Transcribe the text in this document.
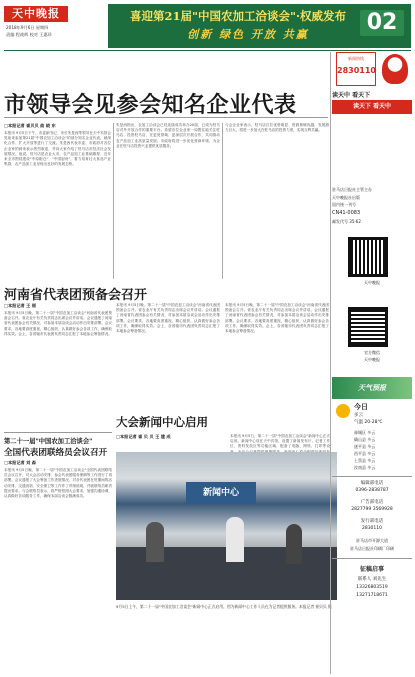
天中晚报
2018年9月6日 星期四
责编 程战辉 校对 王惠珍
喜迎第21届"中国农加工洽谈会"·权威发布
创新 绿色 开放 共赢	02
市领导会见参会知名企业代表
□本报记者 崔贝贝 曲 晓 东
本报讯 9月5日下午，市委副书记、市长朱是西等领导在天中宾馆会见前来参加第21届"中国农加工洽谈会"的部分知名企业代表，就深化合作、扩大开放等进行了交流。朱是西代表市委、市政府对各位企业家的到来表示热烈欢迎，并向大家介绍了驻马店市经济社会发展情况。他说，驻马店是农业大市，农产品加工业基础雄厚，近年来全市围绕建设"中原粮仓"、"中国厨房"，着力培育壮大食品产业集群，农产品加工业呈现出良好的发展态势。
朱是西指出，农加工洽谈会已经连续成功举办20届，已成为驻马店对外开放合作的重要平台。希望各位企业家一如既往地关注驻马店、投资驻马店，在更宽领域、更深层次开展合作，共同推动农产品加工业高质量发展。市政府将进一步优化营商环境，为企业在驻马店投资兴业提供优质服务。
与会企业家表示，驻马店区位优势明显、资源禀赋优越，发展潜力巨大，将进一步加大在驻马店的投资力度，实现互利共赢。
河南省代表团预备会召开
□本报记者 王 丽
本报讯 9月5日晚，第二十一届"中国农加工洽谈会"河南省代表团预备会召开。省农业厅有关负责同志出席会议并讲话。会议通报了河南省代表团参会有关情况，对参加本届洽谈会活动作出安排部署。会议要求，各地要高度重视，精心组织，认真做好参会各项工作，确保取得实效。会上，各省辖市代表团负责同志汇报了本地参会筹备情况。
第二十一届"中国农加工洽谈会"
全国代表团联络员会议召开
□本报记者 刘 森
本报讯 9月5日晚，第二十一届"中国农加工洽谈会"全国代表团联络员会议召开，对大会活动安排、参会代表团服务保障等工作进行了再部署。会议通报了大会筹备工作进展情况，对各代表团在驻期间的活动安排、交通食宿、安全保卫等工作作了详细说明，并就联络员职责提出要求。与会联络员表示，将严格按照大会要求，加强沟通协调，认真做好各项服务工作，确保本届洽谈会圆满成功。
本报讯 9月5日晚，第二十一届"中国农加工洽谈会"河南省代表团预备会召开。省农业厅有关负责同志出席会议并讲话。会议通报了河南省代表团参会有关情况，对参加本届洽谈会活动作出安排部署。会议要求，各地要高度重视，精心组织，认真做好参会各项工作，确保取得实效。会上，各省辖市代表团负责同志汇报了本地参会筹备情况。
本报讯 9月5日晚，第二十一届"中国农加工洽谈会"河南省代表团预备会召开。省农业厅有关负责同志出席会议并讲话。会议通报了河南省代表团参会有关情况，对参加本届洽谈会活动作出安排部署。会议要求，各地要高度重视，精心组织，认真做好参会各项工作，确保取得实效。会上，各省辖市代表团负责同志汇报了本地参会筹备情况。
大会新闻中心启用
□本报记者 崔 贝 贝 王 建 成	本报讯 9月5日，第二十一届"中国农加工洽谈会"新闻中心正式启用。新闻中心设在天中宾馆，设置了新闻发布厅、记者工作区、资料发放区等功能区域，配备了电脑、网络、打印等设
新闻中心
9月5日上午，第二十一届"中国农加工洽谈会"新闻中心正式启用。图为新闻中心工作人员在为记者提供服务。本报记者 崔贝贝 摄
读天中 看天下
读天下 看天中
新闻热线
2830110
驻马店日报社主管主办
天中晚报社出版
国内统一刊号
CN41-0083
邮发代号 35-62
天中晚报
官方微信
天中晚报
天气预报
今日
多云
气温 20-28℃
驿城区 多云
确山县 多云
遂平县 多云
西平县 多云
上蔡县 多云
汝南县 多云
编辑部电话
0396-2838787
广告部电话
2827799 3569928
发行部电话
2830110
驻马店市开源大道
驻马店日报社印刷厂印刷
征稿启事
联系人 刘先生
13326803519
13271718671
